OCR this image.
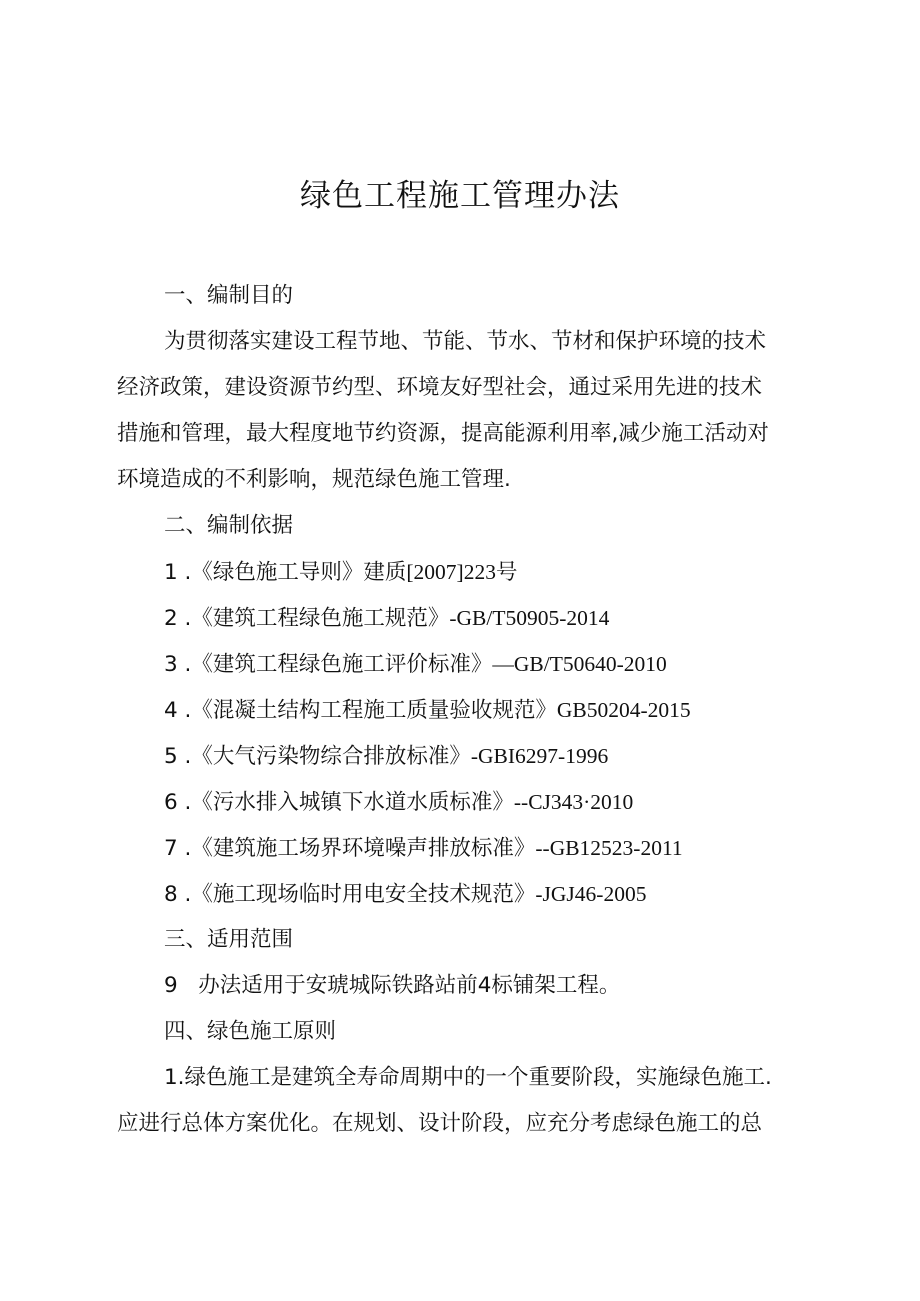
绿色工程施工管理办法
一、编制目的
为贯彻落实建设工程节地、节能、节水、节材和保护环境的技术
经济政策，建设资源节约型、环境友好型社会，通过采用先进的技术
措施和管理，最大程度地节约资源，提高能源利用率,减少施工活动对
环境造成的不利影响，规范绿色施工管理.
二、编制依据
1 .《绿色施工导则》建质[2007]223号
2 .《建筑工程绿色施工规范》-GB/T50905-2014
3 .《建筑工程绿色施工评价标准》—GB/T50640-2010
4 .《混凝土结构工程施工质量验收规范》GB50204-2015
5 .《大气污染物综合排放标准》-GBI6297-1996
6 .《污水排入城镇下水道水质标准》--CJ343·2010
7 .《建筑施工场界环境噪声排放标准》--GB12523-2011
8 .《施工现场临时用电安全技术规范》-JGJ46-2005
三、适用范围
9 办法适用于安琥城际铁路站前4标铺架工程。
四、绿色施工原则
1.绿色施工是建筑全寿命周期中的一个重要阶段，实施绿色施工.
应进行总体方案优化。在规划、设计阶段，应充分考虑绿色施工的总
